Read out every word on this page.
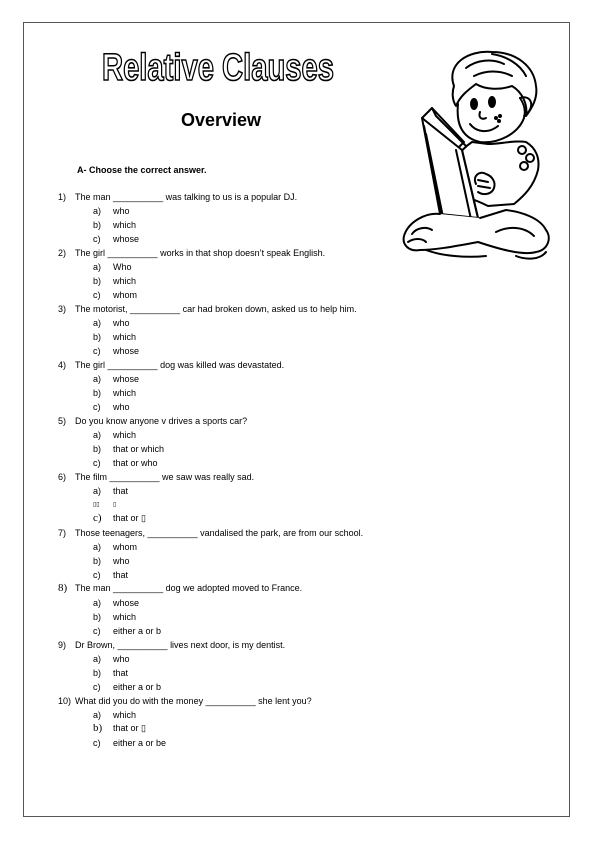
Relative Clauses
Overview
A- Choose the correct answer.
1) The man __________ was talking to us is a popular DJ.
a) who
b) which
c) whose
2) The girl __________ works in that shop doesn’t speak English.
a) Who
b) which
c) whom
3) The motorist, __________ car had broken down, asked us to help him.
a) who
b) which
c) whose
4) The girl __________ dog was killed was devastated.
a) whose
b) which
c) who
5) Do you know anyone v drives a sports car?
a) which
b) that or which
c) that or who
6) The film __________ we saw was really sad.
a) that
▯▯ ▯
c) that or ▯
7) Those teenagers, __________ vandalised the park, are from our school.
a) whom
b) who
c) that
8) The man __________ dog we adopted moved to France.
a) whose
b) which
c) either a or b
9) Dr Brown, __________ lives next door, is my dentist.
a) who
b) that
c) either a or b
10) What did you do with the money __________ she lent you?
a) which
b) that or ▯
c) either a or be
